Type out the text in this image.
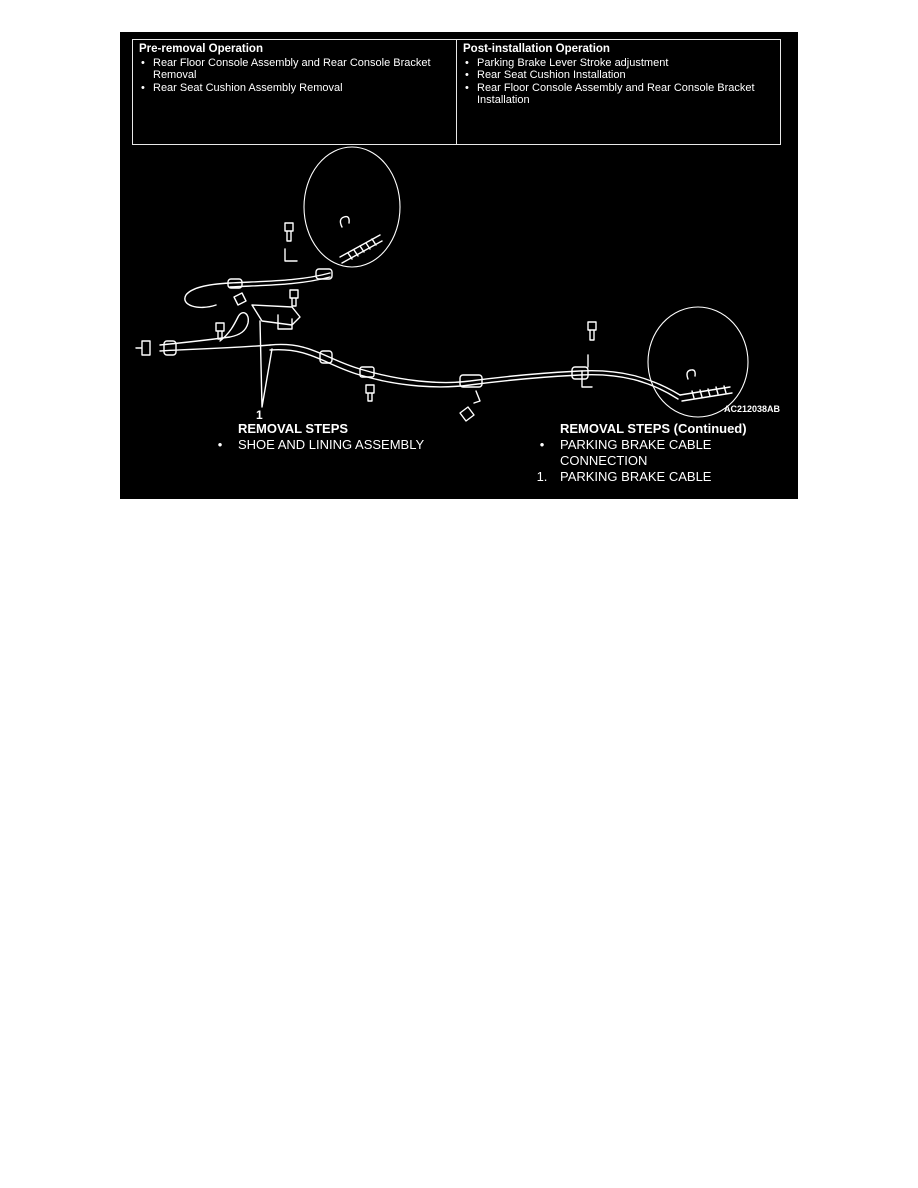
Pre-removal Operation
• Rear Floor Console Assembly and Rear Console Bracket Removal
• Rear Seat Cushion Assembly Removal
Post-installation Operation
• Parking Brake Lever Stroke adjustment
• Rear Seat Cushion Installation
• Rear Floor Console Assembly and Rear Console Bracket Installation
1	AC212038AB
REMOVAL STEPS
•	SHOE AND LINING ASSEMBLY
REMOVAL STEPS (Continued)
•	PARKING BRAKE CABLE CONNECTION
1. PARKING BRAKE CABLE
